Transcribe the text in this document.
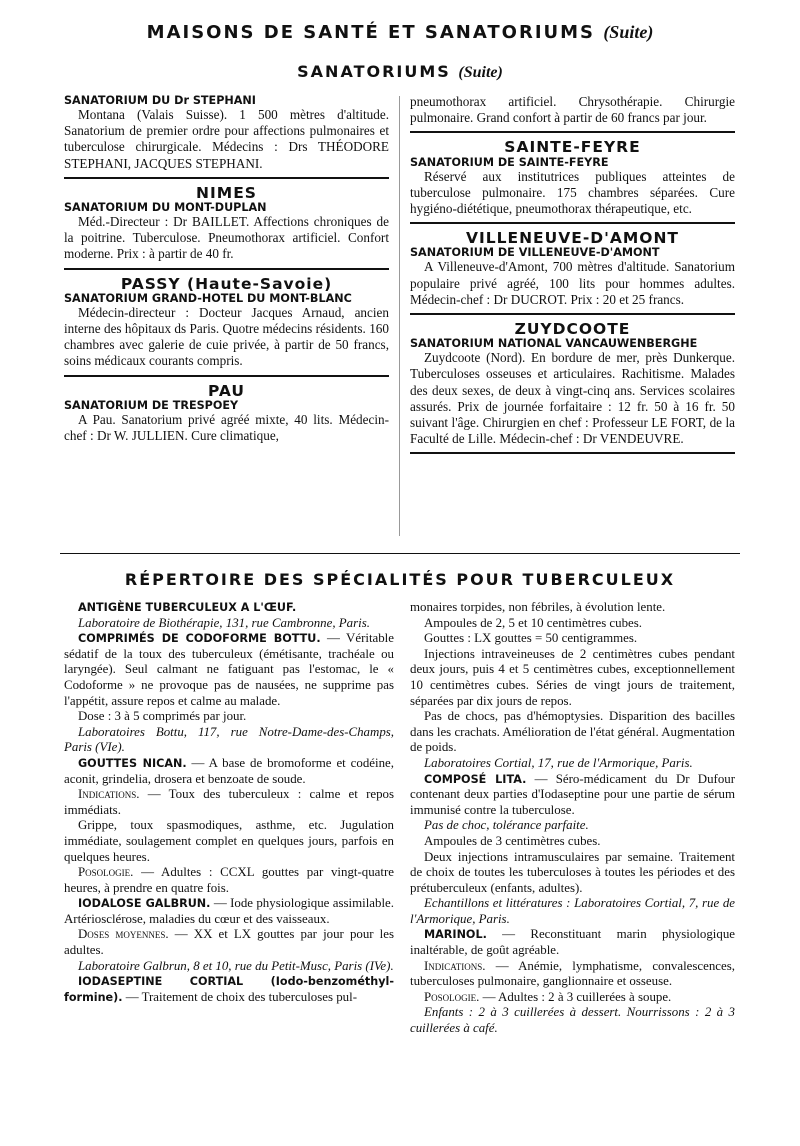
MAISONS DE SANTÉ ET SANATORIUMS (Suite)
SANATORIUMS (Suite)

SANATORIUM DU Dr STEPHANI

Montana (Valais Suisse). 1 500 mètres d'altitude. Sanatorium de premier ordre pour affections pulmonaires et tuberculose chirurgicale. Médecins : Drs THÉODORE STEPHANI, JACQUES STEPHANI.

NIMES

SANATORIUM DU MONT-DUPLAN

Méd.-Directeur : Dr BAILLET. Affections chroniques de la poitrine. Tuberculose. Pneumothorax artificiel. Confort moderne. Prix : à partir de 40 fr.

PASSY (Haute-Savoie)

SANATORIUM GRAND-HOTEL DU MONT-BLANC

Médecin-directeur : Docteur Jacques Arnaud, ancien interne des hôpitaux ds Paris. Quotre médecins résidents. 160 chambres avec galerie de cuie privée, à partir de 50 francs, soins médicaux courants compris.

PAU

SANATORIUM DE TRESPOEY

A Pau. Sanatorium privé agréé mixte, 40 lits. Médecin-chef : Dr W. JULLIEN. Cure climatique,

pneumothorax artificiel. Chrysothérapie. Chirurgie pulmonaire. Grand confort à partir de 60 francs par jour.

SAINTE-FEYRE

SANATORIUM DE SAINTE-FEYRE

Réservé aux institutrices publiques atteintes de tuberculose pulmonaire. 175 chambres séparées. Cure hygiéno-diététique, pneumothorax thérapeutique, etc.

VILLENEUVE-D'AMONT

SANATORIUM DE VILLENEUVE-D'AMONT

A Villeneuve-d'Amont, 700 mètres d'altitude. Sanatorium populaire privé agréé, 100 lits pour hommes adultes. Médecin-chef : Dr DUCROT. Prix : 20 et 25 francs.

ZUYDCOOTE

SANATORIUM NATIONAL VANCAUWENBERGHE

Zuydcoote (Nord). En bordure de mer, près Dunkerque. Tuberculoses osseuses et articulaires. Rachitisme. Malades des deux sexes, de deux à vingt-cinq ans. Services scolaires assurés. Prix de journée forfaitaire : 12 fr. 50 à 16 fr. 50 suivant l'âge. Chirurgien en chef : Professeur LE FORT, de la Faculté de Lille. Médecin-chef : Dr VENDEUVRE.

RÉPERTOIRE DES SPÉCIALITÉS POUR TUBERCULEUX

ANTIGÈNE TUBERCULEUX A L'ŒUF.

Laboratoire de Biothérapie, 131, rue Cambronne, Paris.

COMPRIMÉS DE CODOFORME BOTTU. — Véritable sédatif de la toux des tuberculeux (émétisante, trachéale ou laryngée). Seul calmant ne fatiguant pas l'estomac, le « Codoforme » ne provoque pas de nausées, ne supprime pas l'appétit, assure repos et calme au malade.

Dose : 3 à 5 comprimés par jour.

Laboratoires Bottu, 117, rue Notre-Dame-des-Champs, Paris (VIe).

GOUTTES NICAN. — A base de bromoforme et codéine, aconit, grindelia, drosera et benzoate de soude.

Indications. — Toux des tuberculeux : calme et repos immédiats.

Grippe, toux spasmodiques, asthme, etc. Jugulation immédiate, soulagement complet en quelques jours, parfois en quelques heures.

Posologie. — Adultes : CCXL gouttes par vingt-quatre heures, à prendre en quatre fois.

IODALOSE GALBRUN. — Iode physiologique assimilable. Artériosclérose, maladies du cœur et des vaisseaux.

Doses moyennes. — XX et LX gouttes par jour pour les adultes.

Laboratoire Galbrun, 8 et 10, rue du Petit-Musc, Paris (IVe).

IODASEPTINE CORTIAL (Iodo-benzométhyl-formine). — Traitement de choix des tuberculoses pul-

monaires torpides, non fébriles, à évolution lente.

Ampoules de 2, 5 et 10 centimètres cubes.

Gouttes : LX gouttes = 50 centigrammes.

Injections intraveineuses de 2 centimètres cubes pendant deux jours, puis 4 et 5 centimètres cubes, exceptionnellement 10 centimètres cubes. Séries de vingt jours de traitement, séparées par dix jours de repos.

Pas de chocs, pas d'hémoptysies. Disparition des bacilles dans les crachats. Amélioration de l'état général. Augmentation de poids.

Laboratoires Cortial, 17, rue de l'Armorique, Paris.

COMPOSÉ LITA. — Séro-médicament du Dr Dufour contenant deux parties d'Iodaseptine pour une partie de sérum immunisé contre la tuberculose.

Pas de choc, tolérance parfaite.

Ampoules de 3 centimètres cubes.

Deux injections intramusculaires par semaine. Traitement de choix de toutes les tuberculoses à toutes les périodes et des prétuberculeux (enfants, adultes).

Echantillons et littératures : Laboratoires Cortial, 7, rue de l'Armorique, Paris.

MARINOL. — Reconstituant marin physiologique inaltérable, de goût agréable.

Indications. — Anémie, lymphatisme, convalescences, tuberculoses pulmonaire, ganglionnaire et osseuse.

Posologie. — Adultes : 2 à 3 cuillerées à soupe.

Enfants : 2 à 3 cuillerées à dessert. Nourrissons : 2 à 3 cuillerées à café.
